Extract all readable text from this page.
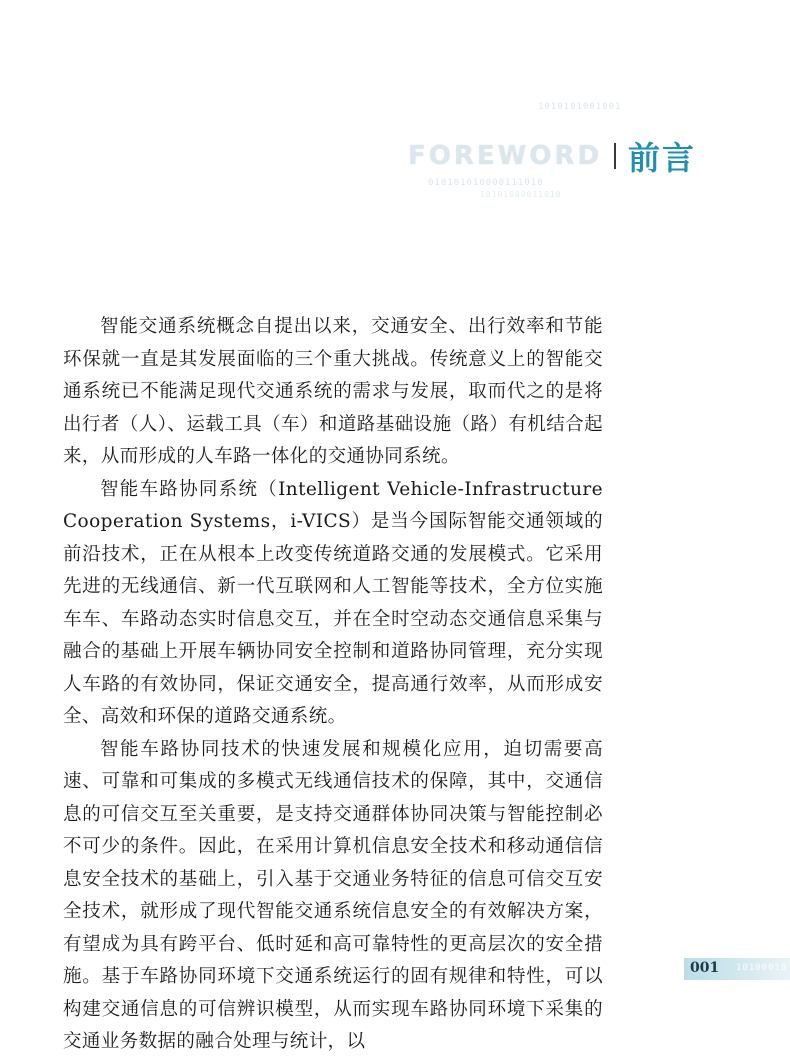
1010101001001
FOREWORD 前言
010101010000111010
10101000011010

智能交通系统概念自提出以来，交通安全、出行效率和节能环保就一直是其发展面临的三个重大挑战。传统意义上的智能交通系统已不能满足现代交通系统的需求与发展，取而代之的是将出行者（人）、运载工具（车）和道路基础设施（路）有机结合起来，从而形成的人车路一体化的交通协同系统。

智能车路协同系统（Intelligent Vehicle-Infrastructure Cooperation Systems，i-VICS）是当今国际智能交通领域的前沿技术，正在从根本上改变传统道路交通的发展模式。它采用先进的无线通信、新一代互联网和人工智能等技术，全方位实施车车、车路动态实时信息交互，并在全时空动态交通信息采集与融合的基础上开展车辆协同安全控制和道路协同管理，充分实现人车路的有效协同，保证交通安全，提高通行效率，从而形成安全、高效和环保的道路交通系统。

智能车路协同技术的快速发展和规模化应用，迫切需要高速、可靠和可集成的多模式无线通信技术的保障，其中，交通信息的可信交互至关重要，是支持交通群体协同决策与智能控制必不可少的条件。因此，在采用计算机信息安全技术和移动通信信息安全技术的基础上，引入基于交通业务特征的信息可信交互安全技术，就形成了现代智能交通系统信息安全的有效解决方案，有望成为具有跨平台、低时延和高可靠特性的更高层次的安全措施。基于车路协同环境下交通系统运行的固有规律和特性，可以构建交通信息的可信辨识模型，从而实现车路协同环境下采集的交通业务数据的融合处理与统计，以

001 10100010
